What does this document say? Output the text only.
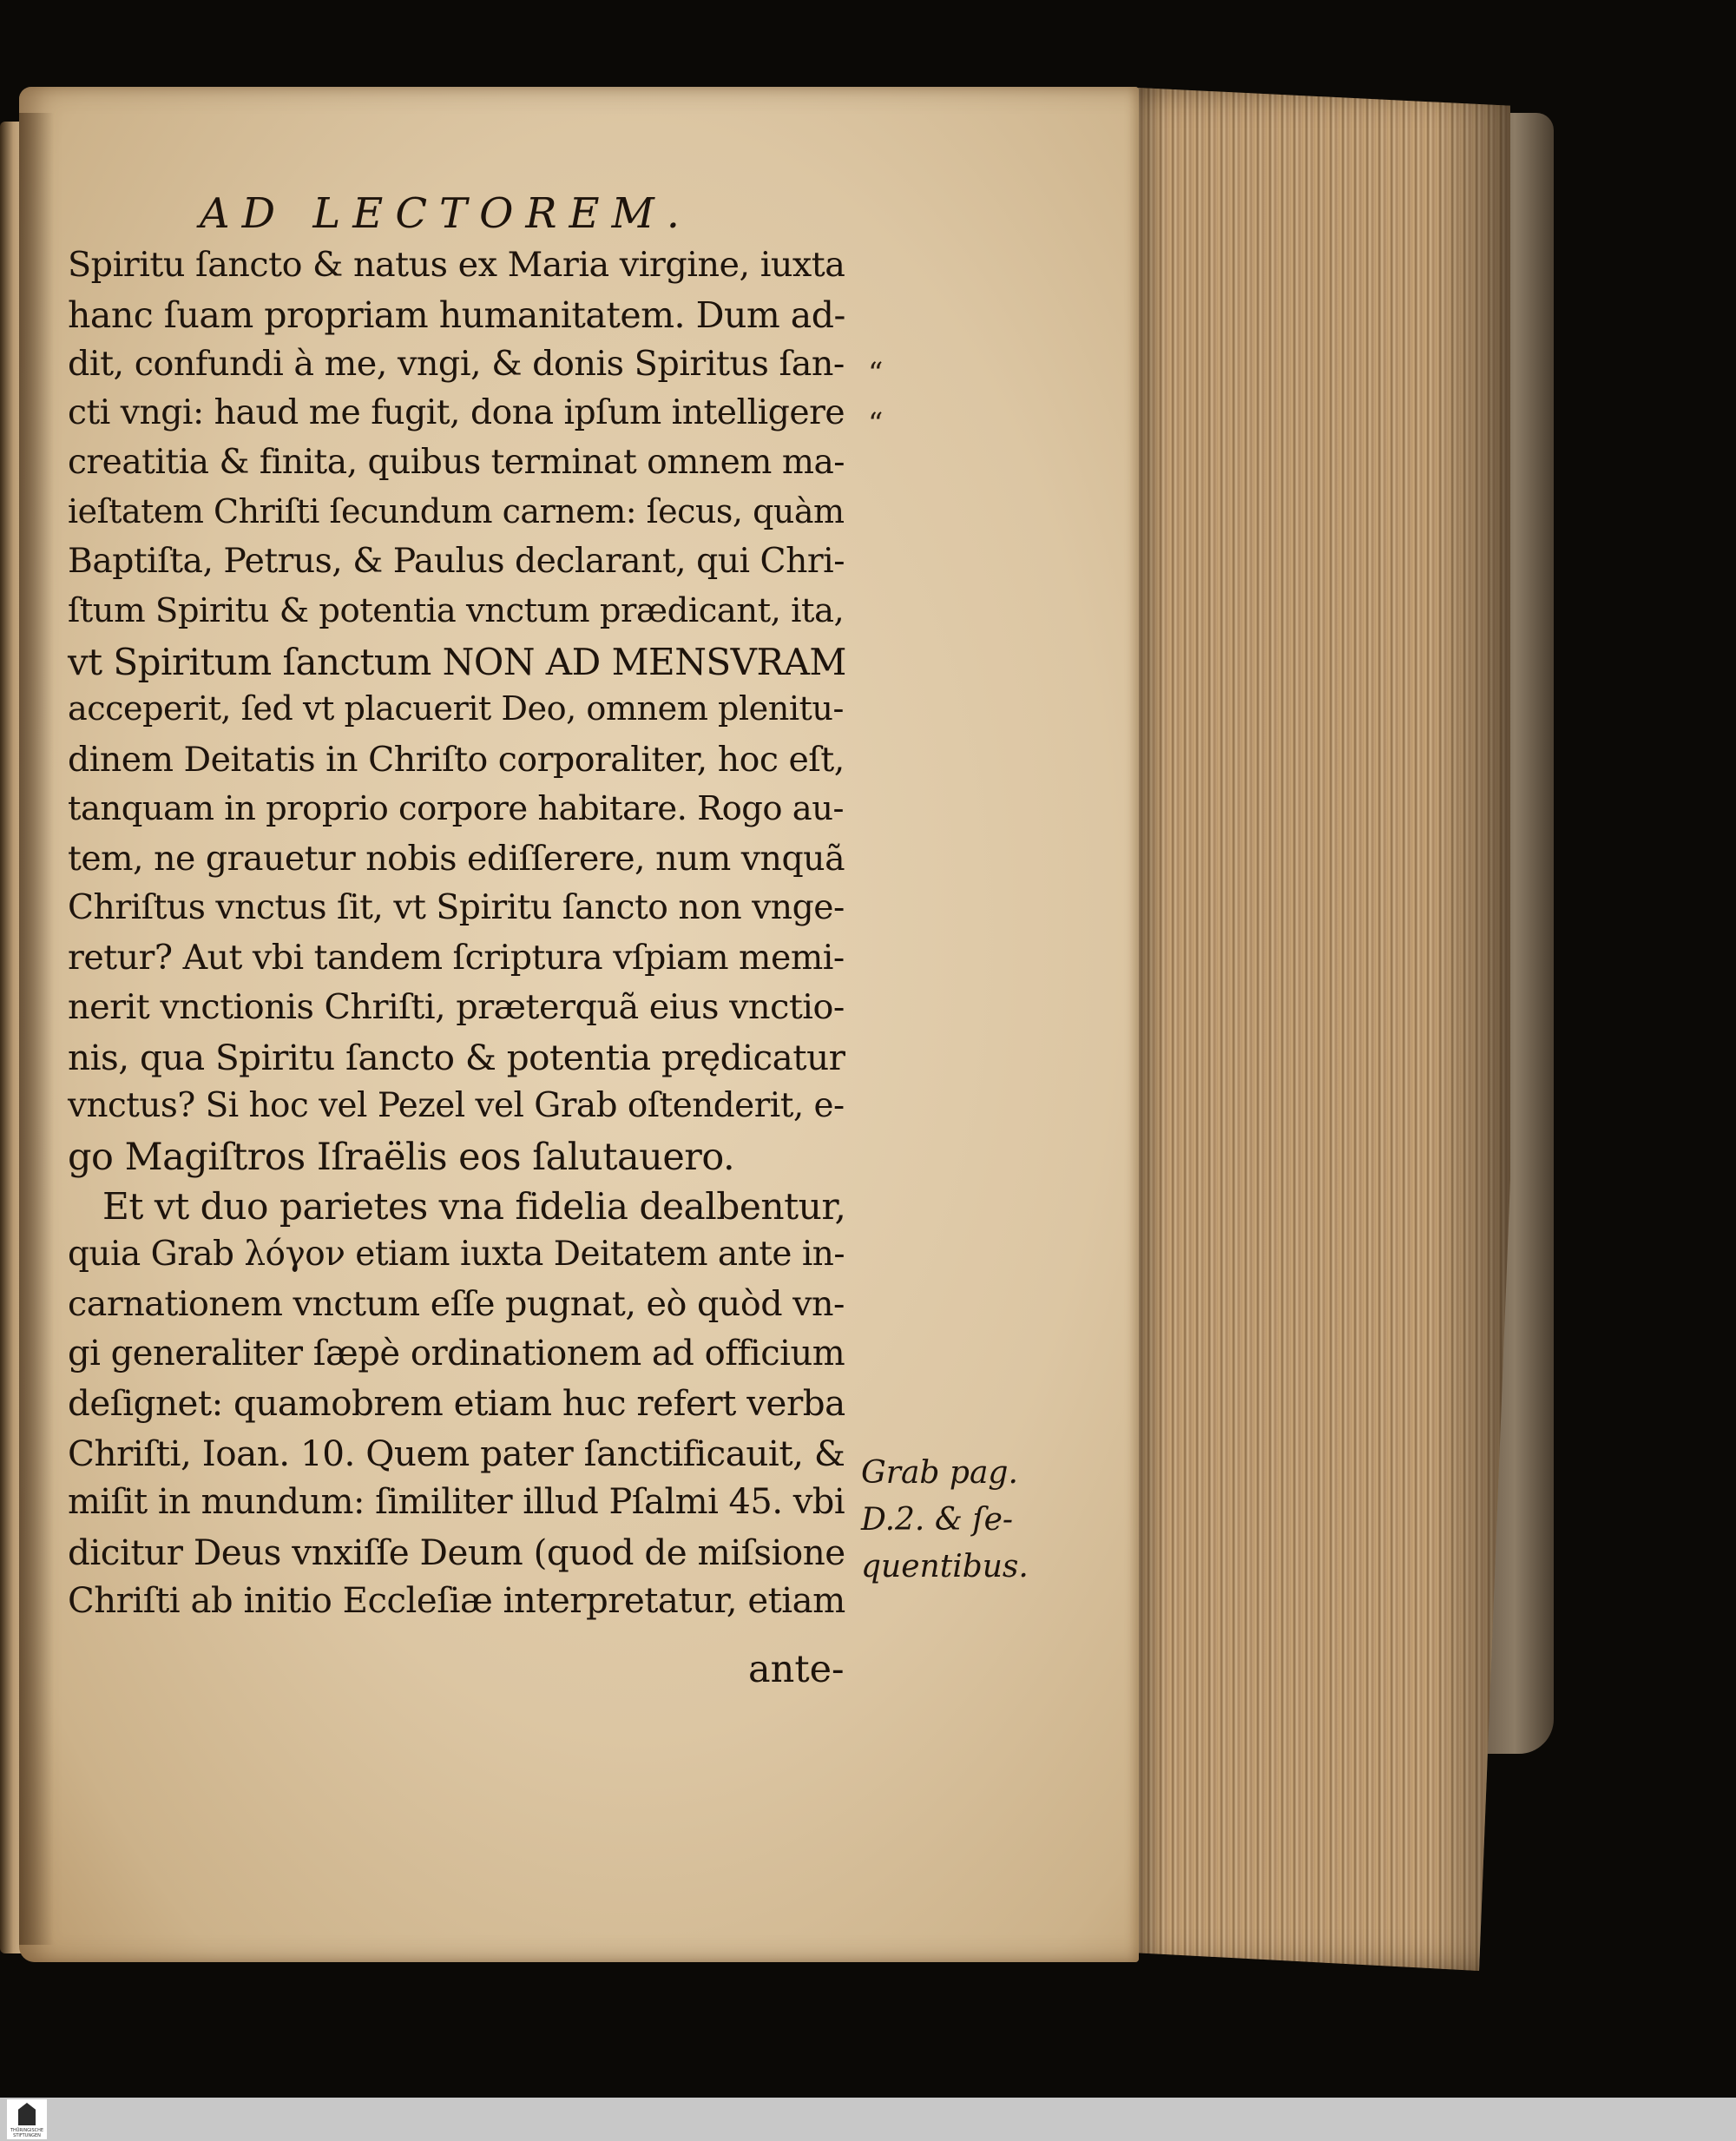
AD LECTOREM.
Spiritu ſancto & natus ex Maria virgine, iuxta
hanc ſuam propriam humanitatem. Dum ad-
dit, confundi à me, vngi, & donis Spiritus ſan-
cti vngi: haud me fugit, dona ipſum intelligere
creatitia & finita, quibus terminat omnem ma-
ieſtatem Chriſti ſecundum carnem: ſecus, quàm
Baptiſta, Petrus, & Paulus declarant, qui Chri-
ſtum Spiritu & potentia vnctum prædicant, ita,
vt Spiritum ſanctum NON AD MENSVRAM
acceperit, ſed vt placuerit Deo, omnem plenitu-
dinem Deitatis in Chriſto corporaliter, hoc eſt,
tanquam in proprio corpore habitare. Rogo au-
tem, ne grauetur nobis ediſſerere, num vnquã
Chriſtus vnctus ſit, vt Spiritu ſancto non vnge-
retur? Aut vbi tandem ſcriptura vſpiam memi-
nerit vnctionis Chriſti, præterquã eius vnctio-
nis, qua Spiritu ſancto & potentia prędicatur
vnctus? Si hoc vel Pezel vel Grab oſtenderit, e-
go Magiſtros Iſraëlis eos ſalutauero.
Et vt duo parietes vna fidelia dealbentur,
quia Grab λόγον etiam iuxta Deitatem ante in-
carnationem vnctum eſſe pugnat, eò quòd vn-
gi generaliter ſæpè ordinationem ad officium
deſignet: quamobrem etiam huc refert verba
Chriſti, Ioan. 10. Quem pater ſanctificauit, &
miſit in mundum: ſimiliter illud Pſalmi 45. vbi
dicitur Deus vnxiſſe Deum (quod de miſsione
Chriſti ab initio Eccleſiæ interpretatur, etiam
“
“
Grab pag.
D.2. & ſe-
quentibus.
ante-
THÜRINGISCHE STIFTUNGEN
